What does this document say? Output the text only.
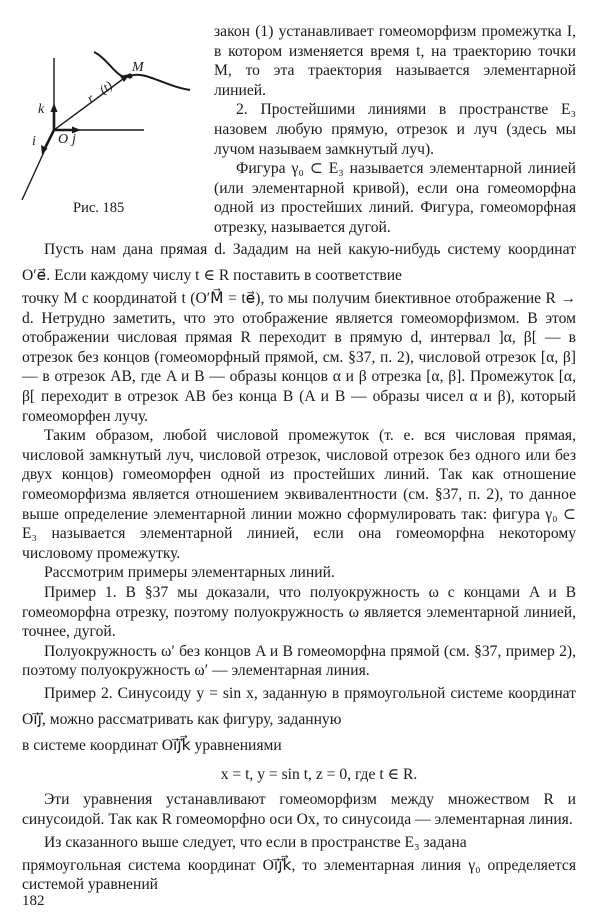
M
r⃗(t)
k⃗
i⃗ O j⃗
Рис. 185

закон (1) устанавливает гомеоморфизм промежутка I, в котором изменяется время t, на траекторию точки M, то эта траектория называется элементарной линией.

2. Простейшими линиями в пространстве E₃ назовем любую прямую, отрезок и луч (здесь мы лучом называем замкнутый луч).

Фигура γ₀ ⊂ E₃ называется элементарной линией (или элементарной кривой), если она гомеоморфна одной из простейших линий. Фигура, гомеоморфная отрезку, называется дугой.

Пусть нам дана прямая d. Зададим на ней какую-нибудь систему координат O′e⃗. Если каждому числу t ∈ R поставить в соответствие

точку M с координатой t (O′M⃗ = te⃗), то мы получим биективное отображение R → d. Нетрудно заметить, что это отображение является гомеоморфизмом. В этом отображении числовая прямая R переходит в прямую d, интервал ]α, β[ — в отрезок без концов (гомеоморфный прямой, см. §37, п. 2), числовой отрезок [α, β] — в отрезок AB, где A и B — образы концов α и β отрезка [α, β]. Промежуток [α, β[ переходит в отрезок AB без конца B (A и B — образы чисел α и β), который гомеоморфен лучу.

Таким образом, любой числовой промежуток (т. е. вся числовая прямая, числовой замкнутый луч, числовой отрезок, числовой отрезок без одного или без двух концов) гомеоморфен одной из простейших линий. Так как отношение гомеоморфизма является отношением эквивалентности (см. §37, п. 2), то данное выше определение элементарной линии можно сформулировать так: фигура γ₀ ⊂ E₃ называется элементарной линией, если она гомеоморфна некоторому числовому промежутку.

Рассмотрим примеры элементарных линий.

Пример 1. В §37 мы доказали, что полуокружность ω с концами A и B гомеоморфна отрезку, поэтому полуокружность ω является элементарной линией, точнее, дугой.

Полуокружность ω′ без концов A и B гомеоморфна прямой (см. §37, пример 2), поэтому полуокружность ω′ — элементарная линия.

Пример 2. Синусоиду y = sin x, заданную в прямоугольной системе координат Oi⃗j⃗, можно рассматривать как фигуру, заданную

в системе координат Oi⃗j⃗k⃗ уравнениями

x = t, y = sin t, z = 0, где t ∈ R.

Эти уравнения устанавливают гомеоморфизм между множеством R и синусоидой. Так как R гомеоморфно оси Ox, то синусоида — элементарная линия.

Из сказанного выше следует, что если в пространстве E₃ задана

прямоугольная система координат Oi⃗j⃗k⃗, то элементарная линия γ₀ определяется системой уравнений

182
